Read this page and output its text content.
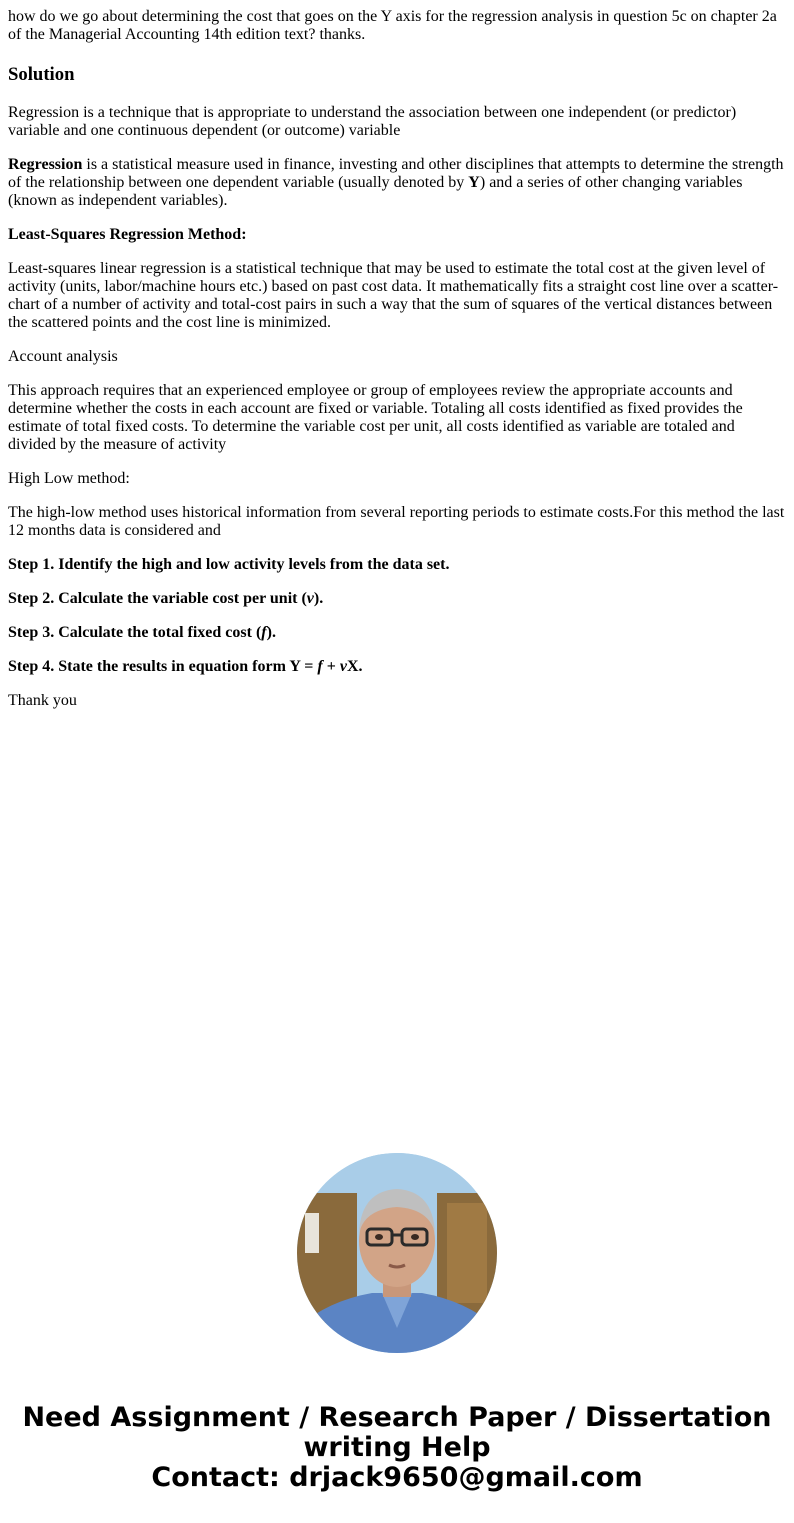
how do we go about determining the cost that goes on the Y axis for the regression analysis in question 5c on chapter 2a of the Managerial Accounting 14th edition text? thanks.

Solution

Regression is a technique that is appropriate to understand the association between one independent (or predictor) variable and one continuous dependent (or outcome) variable

Regression is a statistical measure used in finance, investing and other disciplines that attempts to determine the strength of the relationship between one dependent variable (usually denoted by Y) and a series of other changing variables (known as independent variables).

Least-Squares Regression Method:

Least-squares linear regression is a statistical technique that may be used to estimate the total cost at the given level of activity (units, labor/machine hours etc.) based on past cost data. It mathematically fits a straight cost line over a scatter-chart of a number of activity and total-cost pairs in such a way that the sum of squares of the vertical distances between the scattered points and the cost line is minimized.

Account analysis

This approach requires that an experienced employee or group of employees review the appropriate accounts and determine whether the costs in each account are fixed or variable. Totaling all costs identified as fixed provides the estimate of total fixed costs. To determine the variable cost per unit, all costs identified as variable are totaled and divided by the measure of activity

High Low method:

The high-low method uses historical information from several reporting periods to estimate costs.For this method the last 12 months data is considered and

Step 1. Identify the high and low activity levels from the data set.

Step 2. Calculate the variable cost per unit (v).

Step 3. Calculate the total fixed cost (f).

Step 4. State the results in equation form Y = f + vX.

Thank you

Need Assignment / Research Paper / Dissertation
writing Help
Contact: drjack9650@gmail.com
